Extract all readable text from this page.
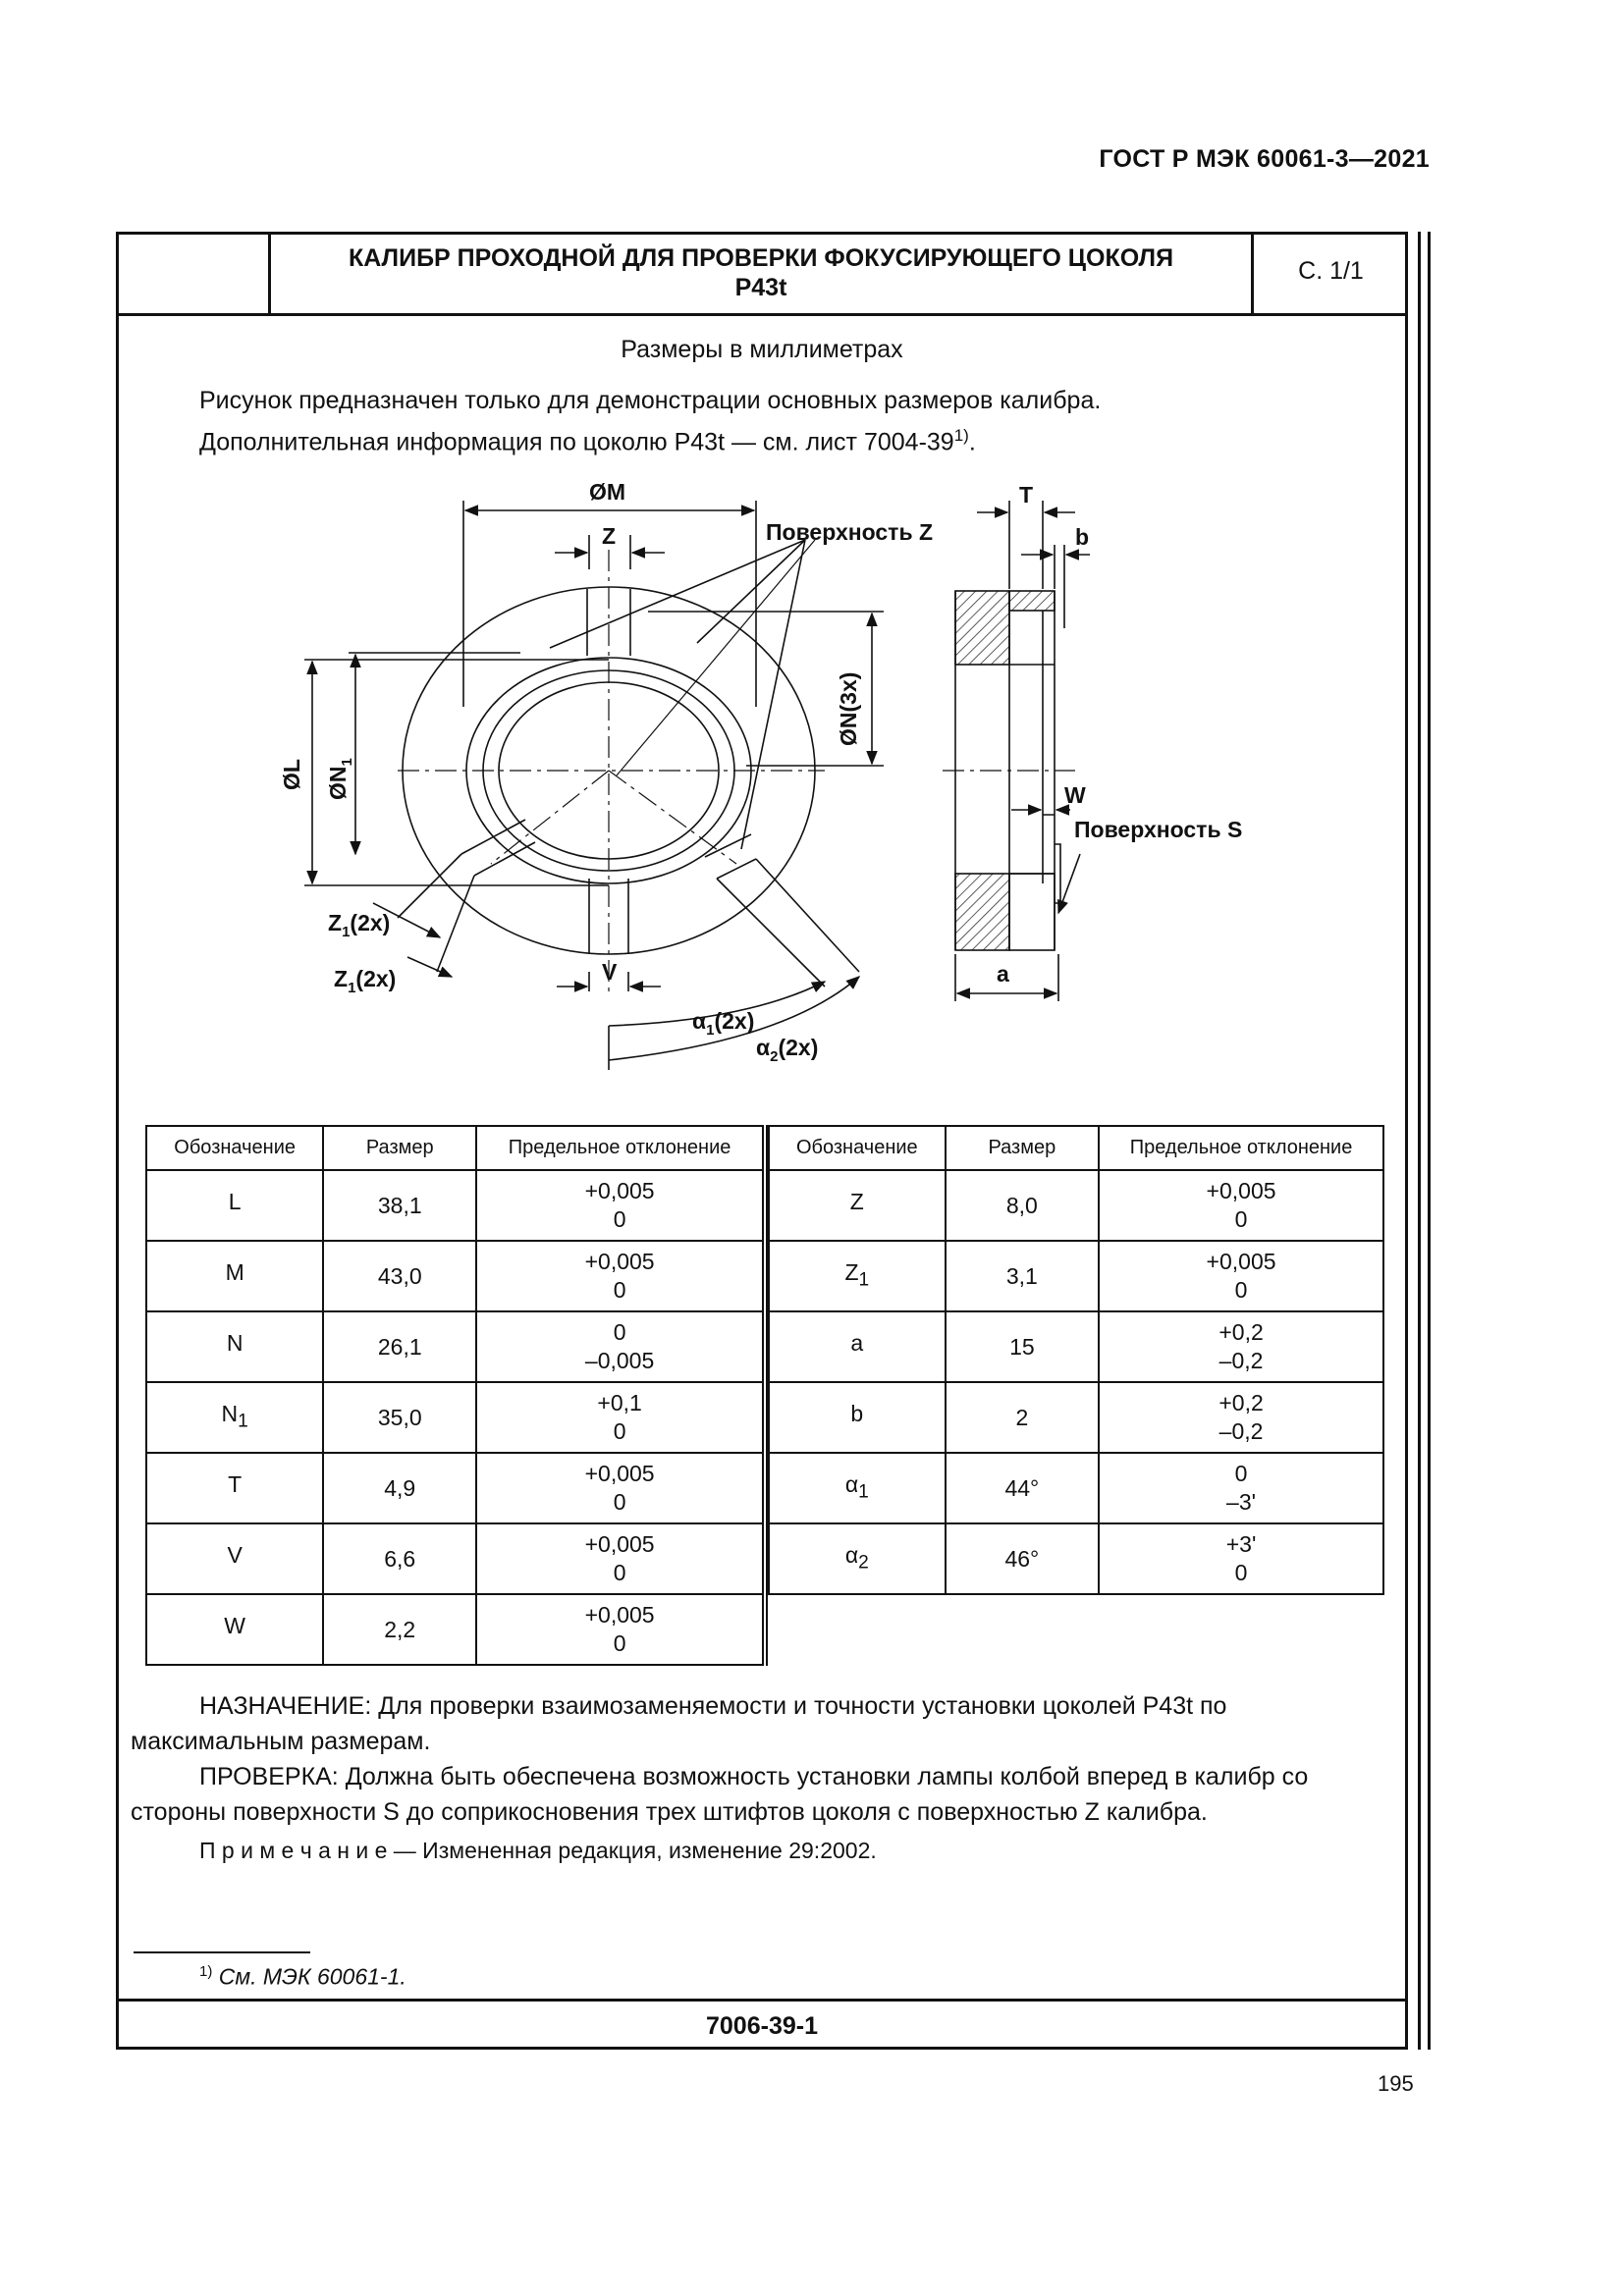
ГОСТ Р МЭК 60061-3—2021
КАЛИБР ПРОХОДНОЙ ДЛЯ ПРОВЕРКИ ФОКУСИРУЮЩЕГО ЦОКОЛЯ
P43t
С. 1/1
Размеры в миллиметрах
Рисунок предназначен только для демонстрации основных размеров калибра.
Дополнительная информация по цоколю P43t — см. лист 7004-39$^{1)}$.
ØM
Z	Поверхность Z
ØL $ØN_1$
ØN(3x)
$Z_1(2x)$
$Z_1(2x)$	V
$\alpha_1(2x)$
$\alpha_2(2x)$
T
b
W
Поверхность S
a
Обозначение	Размер	Предельное отклонение
L	38,1	+0,005
0

M	43,0	+0,005
0

N	26,1	0
–0,005

$N_1$	35,0	+0,1
0

T	4,9	+0,005
0

V	6,6	+0,005
0

W	2,2	+0,005
0
Обозначение	Размер	Предельное отклонение
Z	8,0	+0,005
0

$Z_1$	3,1	+0,005
0

a	15	+0,2
–0,2

b	2	+0,2
–0,2

$\alpha_1$	44°	0
–3'

$\alpha_2$	46°	+3'
0

НАЗНАЧЕНИЕ: Для проверки взаимозаменяемости и точности установки цоколей P43t по максимальным размерам.

ПРОВЕРКА: Должна быть обеспечена возможность установки лампы колбой вперед в калибр со стороны поверхности S до соприкосновения трех штифтов цоколя с поверхностью Z калибра.

П р и м е ч а н и е — Измененная редакция, изменение 29:2002.
$^{1)}$ См. МЭК 60061-1.
7006-39-1
195
